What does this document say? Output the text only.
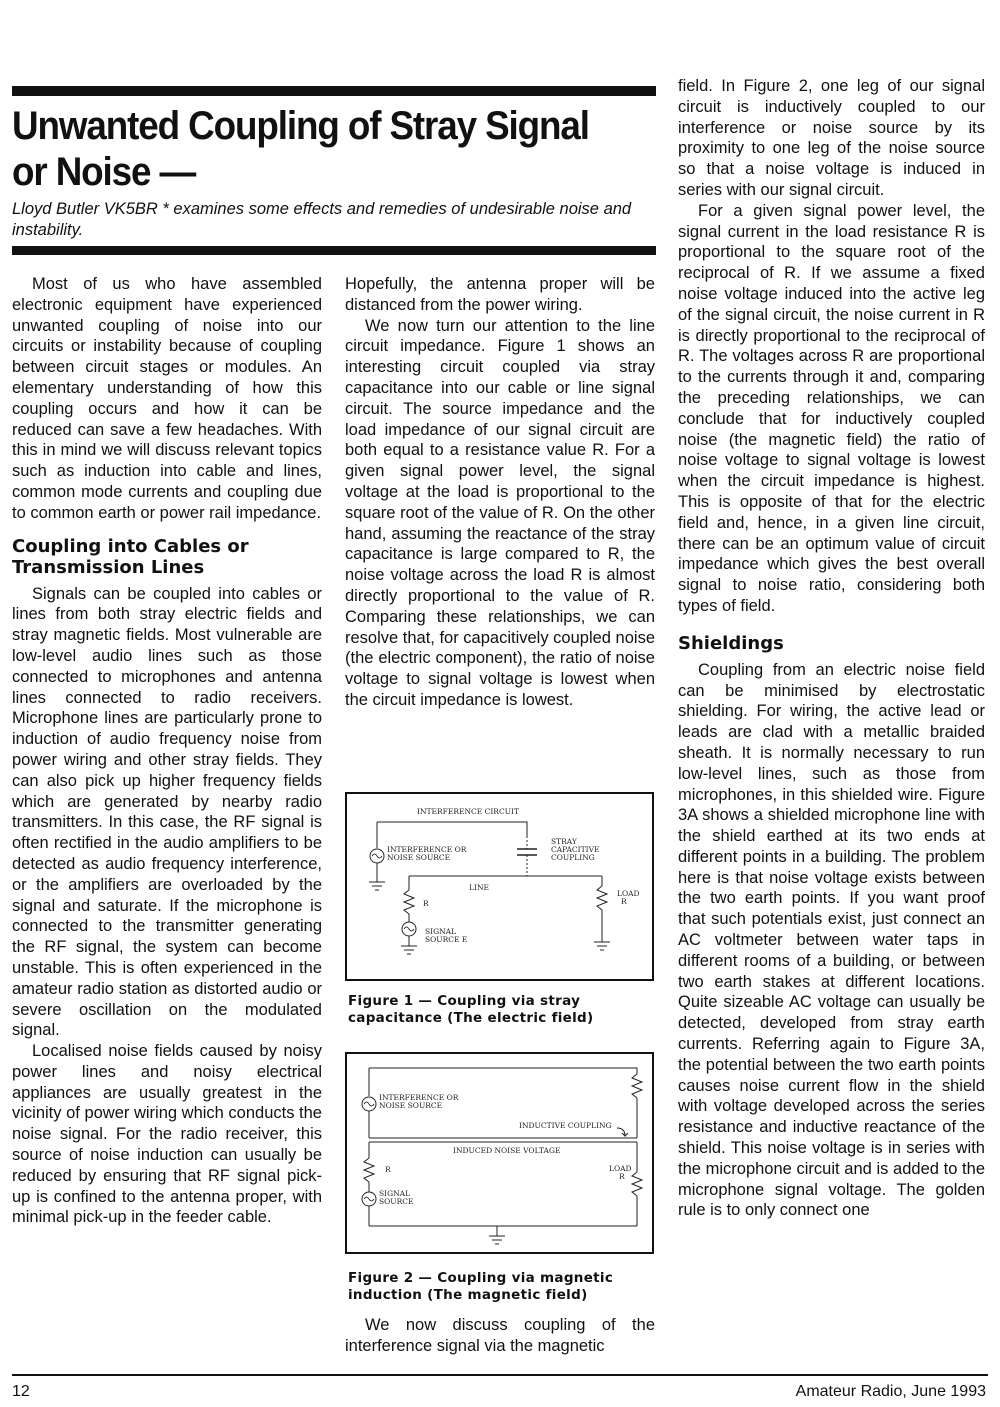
Unwanted Coupling of Stray Signal or Noise —
Lloyd Butler VK5BR * examines some effects and remedies of undesirable noise and instability.

Most of us who have assembled electronic equipment have experienced unwanted coupling of noise into our circuits or instability because of coupling between circuit stages or modules. An elementary understanding of how this coupling occurs and how it can be reduced can save a few headaches. With this in mind we will discuss relevant topics such as induction into cable and lines, common mode currents and coupling due to common earth or power rail impedance.

Coupling into Cables or Transmission Lines

Signals can be coupled into cables or lines from both stray electric fields and stray magnetic fields. Most vulnerable are low-level audio lines such as those connected to microphones and antenna lines connected to radio receivers. Microphone lines are particularly prone to induction of audio frequency noise from power wiring and other stray fields. They can also pick up higher frequency fields which are generated by nearby radio transmitters. In this case, the RF signal is often rectified in the audio amplifiers to be detected as audio frequency interference, or the amplifiers are overloaded by the signal and saturate. If the microphone is connected to the transmitter generating the RF signal, the system can become unstable. This is often experienced in the amateur radio station as distorted audio or severe oscillation on the modulated signal.

Localised noise fields caused by noisy power lines and noisy electrical appliances are usually greatest in the vicinity of power wiring which conducts the noise signal. For the radio receiver, this source of noise induction can usually be reduced by ensuring that RF signal pick-up is confined to the antenna proper, with minimal pick-up in the feeder cable.

Hopefully, the antenna proper will be distanced from the power wiring.

We now turn our attention to the line circuit impedance. Figure 1 shows an interesting circuit coupled via stray capacitance into our cable or line signal circuit. The source impedance and the load impedance of our signal circuit are both equal to a resistance value R. For a given signal power level, the signal voltage at the load is proportional to the square root of the value of R. On the other hand, assuming the reactance of the stray capacitance is large compared to R, the noise voltage across the load R is almost directly proportional to the value of R. Comparing these relationships, we can resolve that, for capacitively coupled noise (the electric component), the ratio of noise voltage to signal voltage is lowest when the circuit impedance is lowest.

INTERFERENCE CIRCUIT
INTERFERENCE OR
NOISE SOURCE
STRAY
CAPACITIVE
COUPLING
LINE
R
LOAD
R
SIGNAL
SOURCE E
Figure 1 — Coupling via stray capacitance (The electric field)
INTERFERENCE OR
NOISE SOURCE
INDUCTIVE COUPLING
INDUCED NOISE VOLTAGE
R	LOAD
R
SIGNAL
SOURCE
Figure 2 — Coupling via magnetic induction (The magnetic field)

We now discuss coupling of the interference signal via the magnetic

field. In Figure 2, one leg of our signal circuit is inductively coupled to our interference or noise source by its proximity to one leg of the noise source so that a noise voltage is induced in series with our signal circuit.

For a given signal power level, the signal current in the load resistance R is proportional to the square root of the reciprocal of R. If we assume a fixed noise voltage induced into the active leg of the signal circuit, the noise current in R is directly proportional to the reciprocal of R. The voltages across R are proportional to the currents through it and, comparing the preceding relationships, we can conclude that for inductively coupled noise (the magnetic field) the ratio of noise voltage to signal voltage is lowest when the circuit impedance is highest. This is opposite of that for the electric field and, hence, in a given line circuit, there can be an optimum value of circuit impedance which gives the best overall signal to noise ratio, considering both types of field.

Shieldings

Coupling from an electric noise field can be minimised by electrostatic shielding. For wiring, the active lead or leads are clad with a metallic braided sheath. It is normally necessary to run low-level lines, such as those from microphones, in this shielded wire. Figure 3A shows a shielded microphone line with the shield earthed at its two ends at different points in a building. The problem here is that noise voltage exists between the two earth points. If you want proof that such potentials exist, just connect an AC voltmeter between water taps in different rooms of a building, or between two earth stakes at different locations. Quite sizeable AC voltage can usually be detected, developed from stray earth currents. Referring again to Figure 3A, the potential between the two earth points causes noise current flow in the shield with voltage developed across the series resistance and inductive reactance of the shield. This noise voltage is in series with the microphone circuit and is added to the microphone signal voltage. The golden rule is to only connect one

12	Amateur Radio, June 1993
